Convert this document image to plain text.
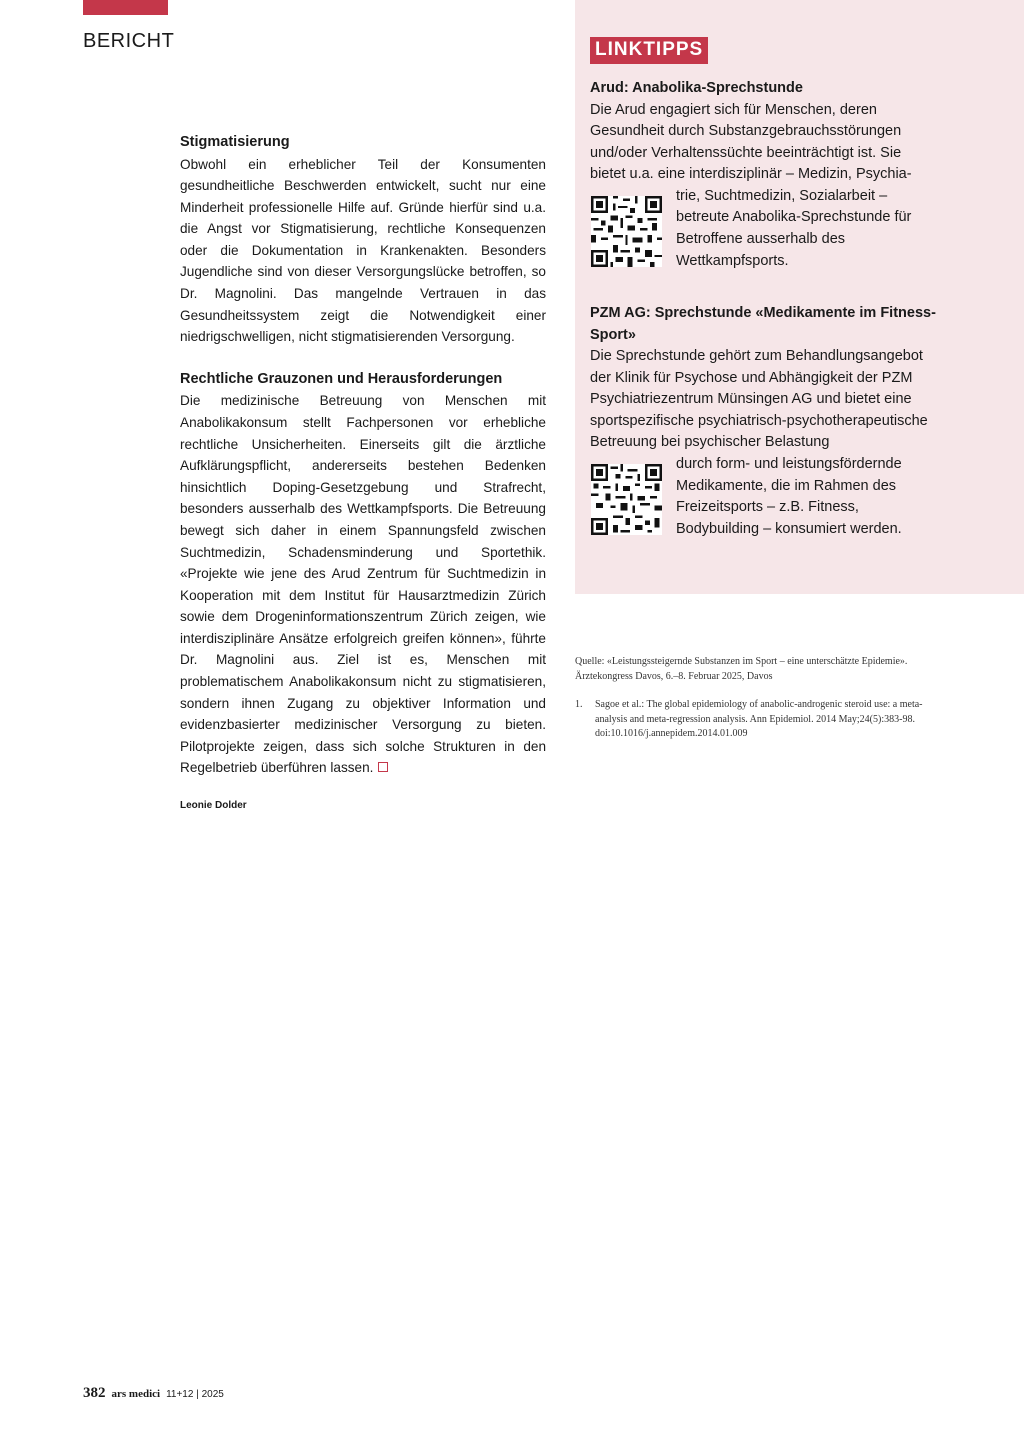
BERICHT

Stigmatisierung

Obwohl ein erheblicher Teil der Konsumenten gesundheitliche Beschwerden entwickelt, sucht nur eine Minderheit professionelle Hilfe auf. Gründe hierfür sind u.a. die Angst vor Stigmatisierung, rechtliche Konsequenzen oder die Dokumentation in Krankenakten. Besonders Jugendliche sind von dieser Versorgungslücke betroffen, so Dr. Magnolini. Das mangelnde Vertrauen in das Gesundheitssystem zeigt die Notwendigkeit einer niedrigschwelligen, nicht stigmatisierenden Versorgung.

Rechtliche Grauzonen und Herausforderungen

Die medizinische Betreuung von Menschen mit Anabolikakonsum stellt Fachpersonen vor erhebliche rechtliche Unsicherheiten. Einerseits gilt die ärztliche Aufklärungspflicht, andererseits bestehen Bedenken hinsichtlich Doping-Gesetzgebung und Strafrecht, besonders ausserhalb des Wettkampfsports. Die Betreuung bewegt sich daher in einem Spannungsfeld zwischen Suchtmedizin, Schadensminderung und Sportethik. «Projekte wie jene des Arud Zentrum für Suchtmedizin in Kooperation mit dem Institut für Hausarztmedizin Zürich sowie dem Drogeninformationszentrum Zürich zeigen, wie interdisziplinäre Ansätze erfolgreich greifen können», führte Dr. Magnolini aus. Ziel ist es, Menschen mit problematischem Anabolikakonsum nicht zu stigmatisieren, sondern ihnen Zugang zu objektiver Information und evidenzbasierter medizinischer Versorgung zu bieten. Pilotprojekte zeigen, dass sich solche Strukturen in den Regelbetrieb überführen lassen.

Leonie Dolder
LINKTIPPS

Arud: Anabolika-Sprechstunde

Die Arud engagiert sich für Menschen, deren Gesundheit durch Substanzgebrauchsstörungen und/oder Verhaltenssüchte beeinträchtigt ist. Sie bietet u.a. eine interdisziplinär – Medizin, Psychia-

trie, Suchtmedizin, Sozialarbeit – betreute Anabolika-Sprechstunde für Betroffene ausserhalb des Wettkampfsports.

PZM AG: Sprechstunde «Medikamente im Fitness-Sport»

Die Sprechstunde gehört zum Behandlungsangebot der Klinik für Psychose und Abhängigkeit der PZM Psychiatriezentrum Münsingen AG und bietet eine sportspezifische psychiatrisch-psychotherapeutische Betreuung bei psychischer Belastung

durch form- und leistungsfördernde Medikamente, die im Rahmen des Freizeitsports – z.B. Fitness, Bodybuilding – konsumiert werden.

Quelle: «Leistungssteigernde Substanzen im Sport – eine unterschätzte Epidemie». Ärztekongress Davos, 6.–8. Februar 2025, Davos
1.	Sagoe et al.: The global epidemiology of anabolic-androgenic steroid use: a meta-analysis and meta-regression analysis. Ann Epidemiol. 2014 May;24(5):383-98. doi:10.1016/j.annepidem.2014.01.009
382 ars medici 11+12 | 2025
